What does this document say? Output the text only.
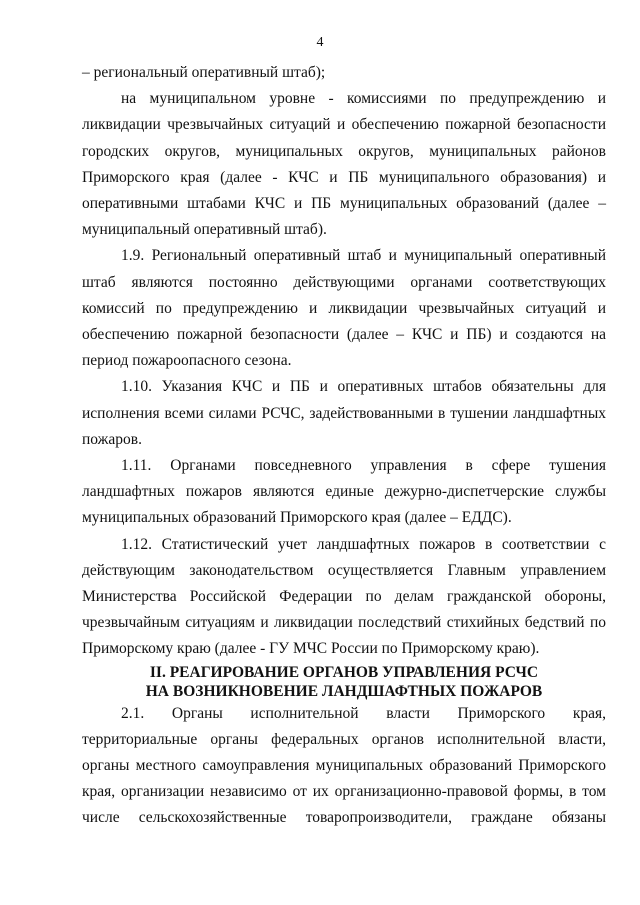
4

– региональный оперативный штаб);

на муниципальном уровне - комиссиями по предупреждению и ликвидации чрезвычайных ситуаций и обеспечению пожарной безопасности городских округов, муниципальных округов, муниципальных районов Приморского края (далее - КЧС и ПБ муниципального образования) и оперативными штабами КЧС и ПБ муниципальных образований (далее – муниципальный оперативный штаб).

1.9. Региональный оперативный штаб и муниципальный оперативный штаб являются постоянно действующими органами соответствующих комиссий по предупреждению и ликвидации чрезвычайных ситуаций и обеспечению пожарной безопасности (далее – КЧС и ПБ) и создаются на период пожароопасного сезона.

1.10. Указания КЧС и ПБ и оперативных штабов обязательны для исполнения всеми силами РСЧС, задействованными в тушении ландшафтных пожаров.

1.11. Органами повседневного управления в сфере тушения ландшафтных пожаров являются единые дежурно-диспетчерские службы муниципальных образований Приморского края (далее – ЕДДС).

1.12. Статистический учет ландшафтных пожаров в соответствии с действующим законодательством осуществляется Главным управлением Министерства Российской Федерации по делам гражданской обороны, чрезвычайным ситуациям и ликвидации последствий стихийных бедствий по Приморскому краю (далее - ГУ МЧС России по Приморскому краю).

II. РЕАГИРОВАНИЕ ОРГАНОВ УПРАВЛЕНИЯ РСЧС
НА ВОЗНИКНОВЕНИЕ ЛАНДШАФТНЫХ ПОЖАРОВ

2.1. Органы исполнительной власти Приморского края, территориальные органы федеральных органов исполнительной власти, органы местного самоуправления муниципальных образований Приморского края, организации независимо от их организационно-правовой формы, в том числе сельскохозяйственные товаропроизводители, граждане обязаны
